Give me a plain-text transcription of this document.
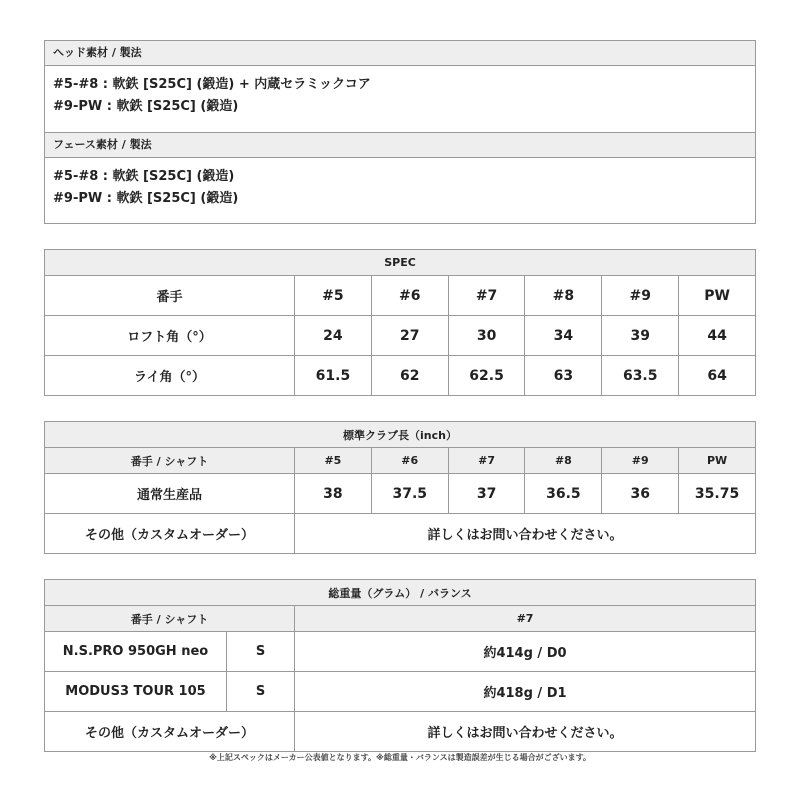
ヘッド素材 / 製法
#5-#8 : 軟鉄 [S25C] (鍛造) + 内蔵セラミックコア
#9-PW : 軟鉄 [S25C] (鍛造)
フェース素材 / 製法
#5-#8 : 軟鉄 [S25C] (鍛造)
#9-PW : 軟鉄 [S25C] (鍛造)
SPEC						
番手	#5	#6	#7	#8	#9	PW
ロフト角（°）	24	27	30	34	39	44
ライ角（°）	61.5	62	62.5	63	63.5	64
標準クラブ長（inch）						
番手 / シャフト	#5	#6	#7	#8	#9	PW
通常生産品	38	37.5	37	36.5	36	35.75
その他（カスタムオーダー）	詳しくはお問い合わせください。					
総重量（グラム） / バランス		
番手 / シャフト		#7
N.S.PRO 950GH neo	S	約414g / D0
MODUS3 TOUR 105	S	約418g / D1
その他（カスタムオーダー）		詳しくはお問い合わせください。
※上記スペックはメーカー公表値となります。※総重量・バランスは製造誤差が生じる場合がございます。
